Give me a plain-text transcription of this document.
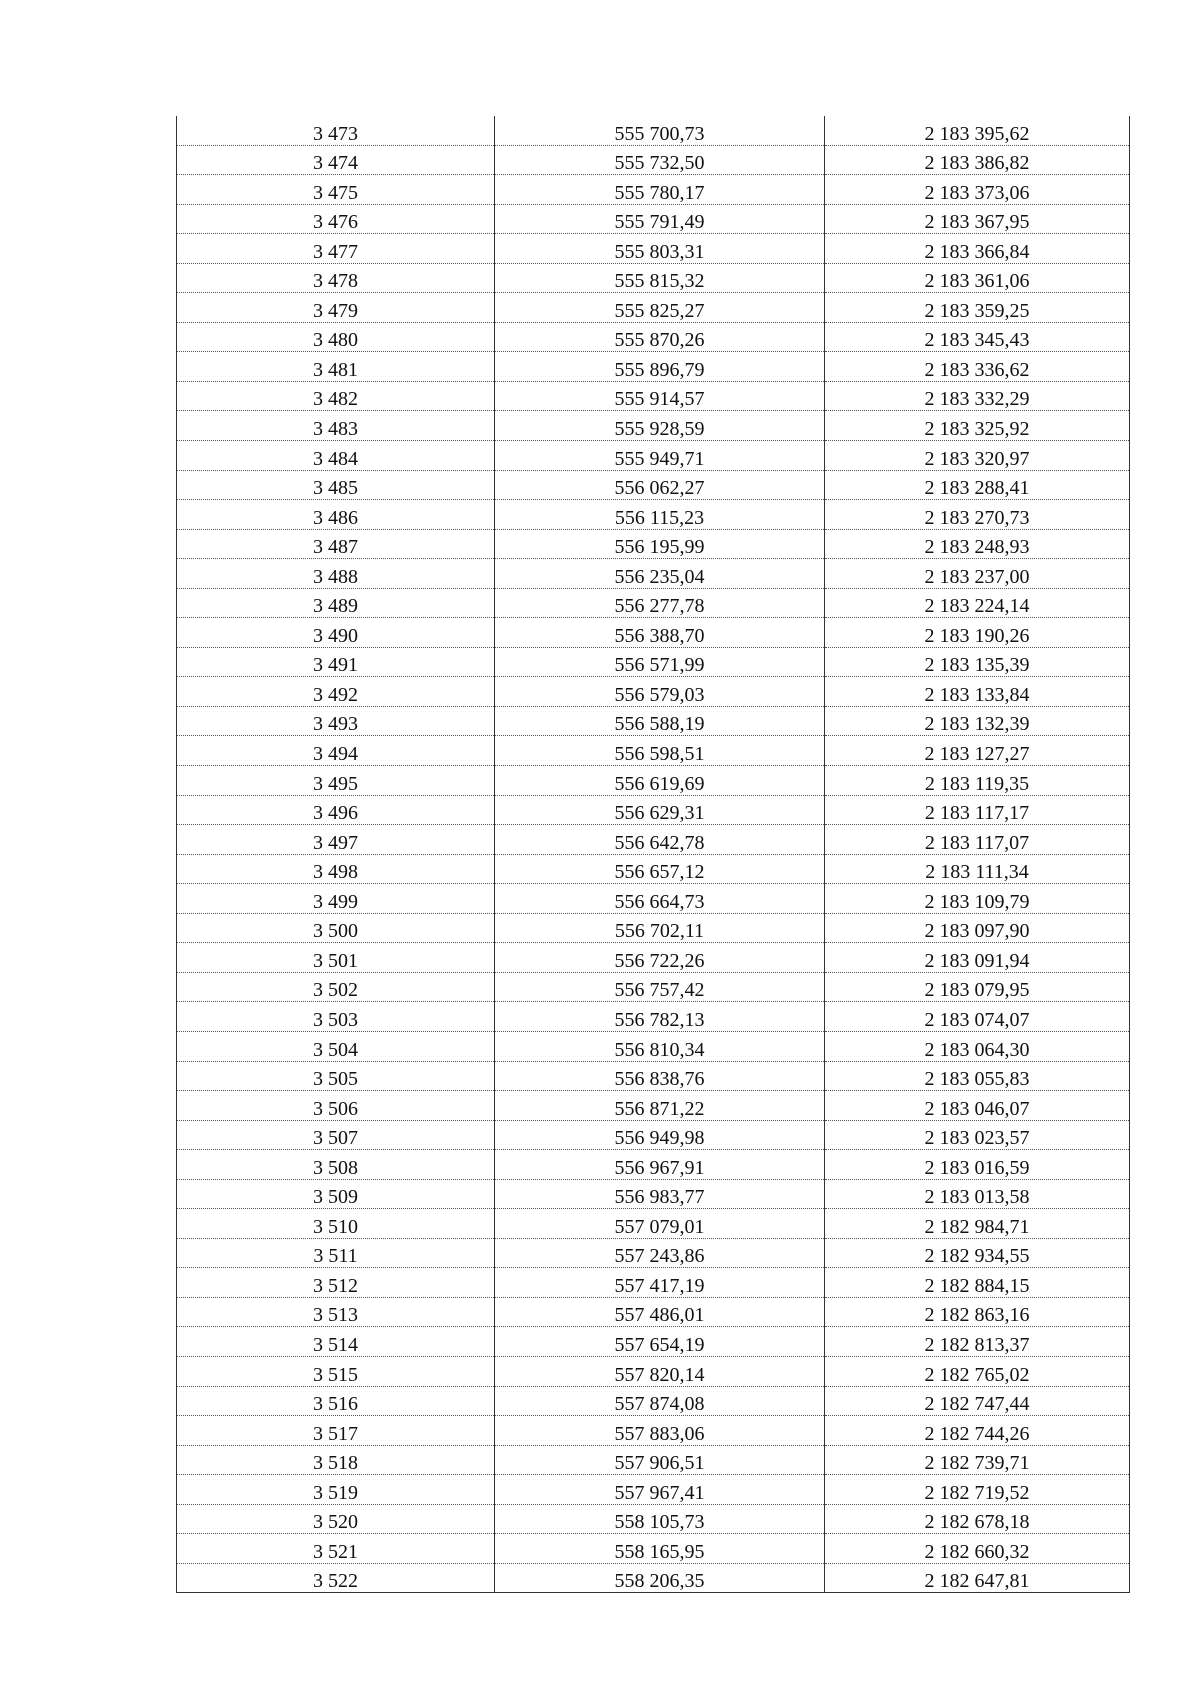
3 473	555 700,73	2 183 395,62
3 474	555 732,50	2 183 386,82
3 475	555 780,17	2 183 373,06
3 476	555 791,49	2 183 367,95
3 477	555 803,31	2 183 366,84
3 478	555 815,32	2 183 361,06
3 479	555 825,27	2 183 359,25
3 480	555 870,26	2 183 345,43
3 481	555 896,79	2 183 336,62
3 482	555 914,57	2 183 332,29
3 483	555 928,59	2 183 325,92
3 484	555 949,71	2 183 320,97
3 485	556 062,27	2 183 288,41
3 486	556 115,23	2 183 270,73
3 487	556 195,99	2 183 248,93
3 488	556 235,04	2 183 237,00
3 489	556 277,78	2 183 224,14
3 490	556 388,70	2 183 190,26
3 491	556 571,99	2 183 135,39
3 492	556 579,03	2 183 133,84
3 493	556 588,19	2 183 132,39
3 494	556 598,51	2 183 127,27
3 495	556 619,69	2 183 119,35
3 496	556 629,31	2 183 117,17
3 497	556 642,78	2 183 117,07
3 498	556 657,12	2 183 111,34
3 499	556 664,73	2 183 109,79
3 500	556 702,11	2 183 097,90
3 501	556 722,26	2 183 091,94
3 502	556 757,42	2 183 079,95
3 503	556 782,13	2 183 074,07
3 504	556 810,34	2 183 064,30
3 505	556 838,76	2 183 055,83
3 506	556 871,22	2 183 046,07
3 507	556 949,98	2 183 023,57
3 508	556 967,91	2 183 016,59
3 509	556 983,77	2 183 013,58
3 510	557 079,01	2 182 984,71
3 511	557 243,86	2 182 934,55
3 512	557 417,19	2 182 884,15
3 513	557 486,01	2 182 863,16
3 514	557 654,19	2 182 813,37
3 515	557 820,14	2 182 765,02
3 516	557 874,08	2 182 747,44
3 517	557 883,06	2 182 744,26
3 518	557 906,51	2 182 739,71
3 519	557 967,41	2 182 719,52
3 520	558 105,73	2 182 678,18
3 521	558 165,95	2 182 660,32
3 522	558 206,35	2 182 647,81
